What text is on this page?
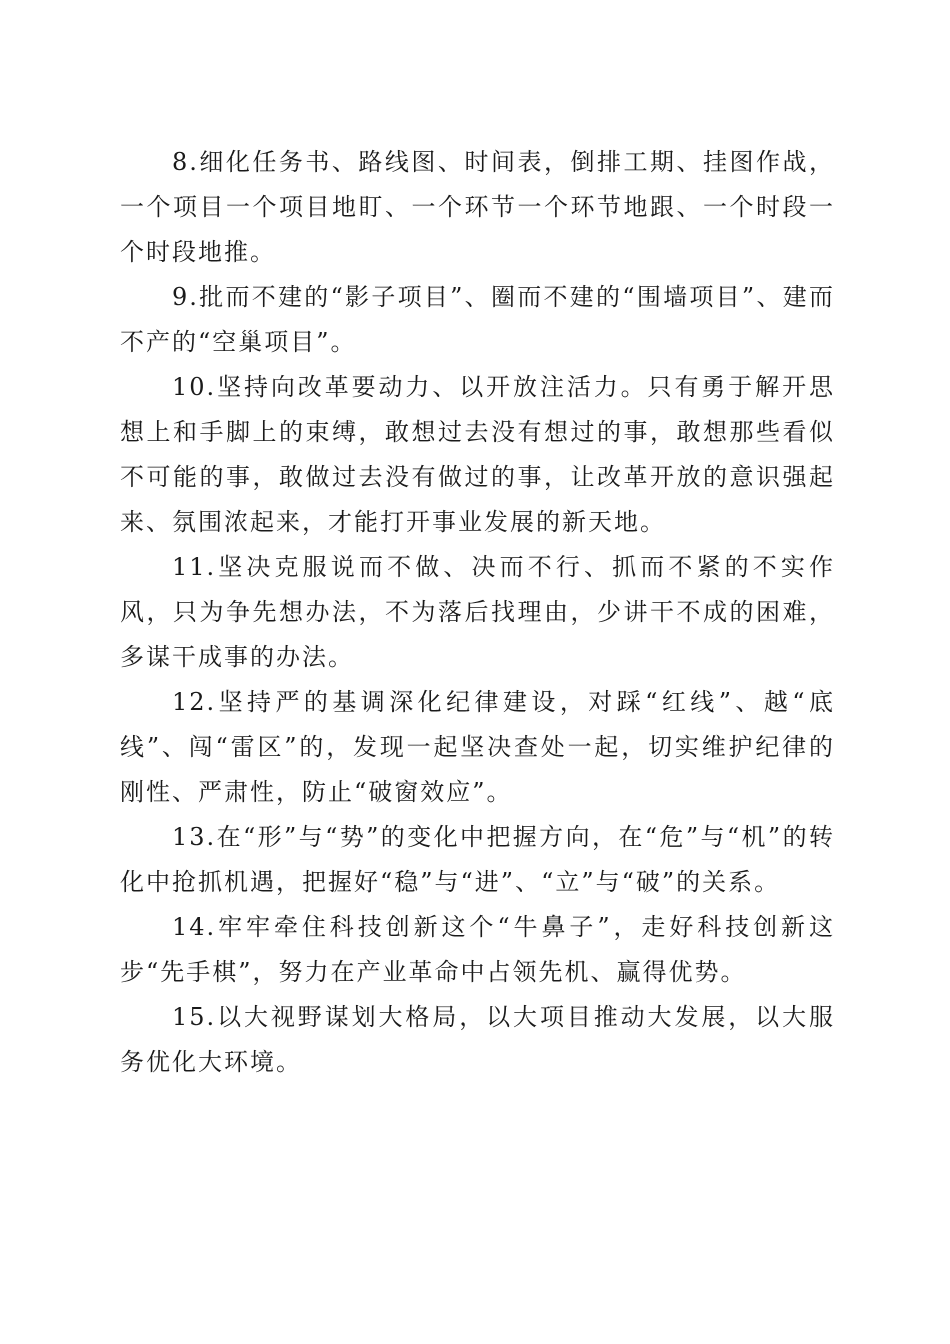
8.细化任务书、路线图、时间表，倒排工期、挂图作战，一个项目一个项目地盯、一个环节一个环节地跟、一个时段一个时段地推。

9.批而不建的“影子项目”、圈而不建的“围墙项目”、建而不产的“空巢项目”。

10.坚持向改革要动力、以开放注活力。只有勇于解开思想上和手脚上的束缚，敢想过去没有想过的事，敢想那些看似不可能的事，敢做过去没有做过的事，让改革开放的意识强起来、氛围浓起来，才能打开事业发展的新天地。

11.坚决克服说而不做、决而不行、抓而不紧的不实作风，只为争先想办法，不为落后找理由，少讲干不成的困难，多谋干成事的办法。

12.坚持严的基调深化纪律建设，对踩“红线”、越“底线”、闯“雷区”的，发现一起坚决查处一起，切实维护纪律的刚性、严肃性，防止“破窗效应”。

13.在“形”与“势”的变化中把握方向，在“危”与“机”的转化中抢抓机遇，把握好“稳”与“进”、“立”与“破”的关系。

14.牢牢牵住科技创新这个“牛鼻子”，走好科技创新这步“先手棋”，努力在产业革命中占领先机、赢得优势。

15.以大视野谋划大格局，以大项目推动大发展，以大服务优化大环境。
